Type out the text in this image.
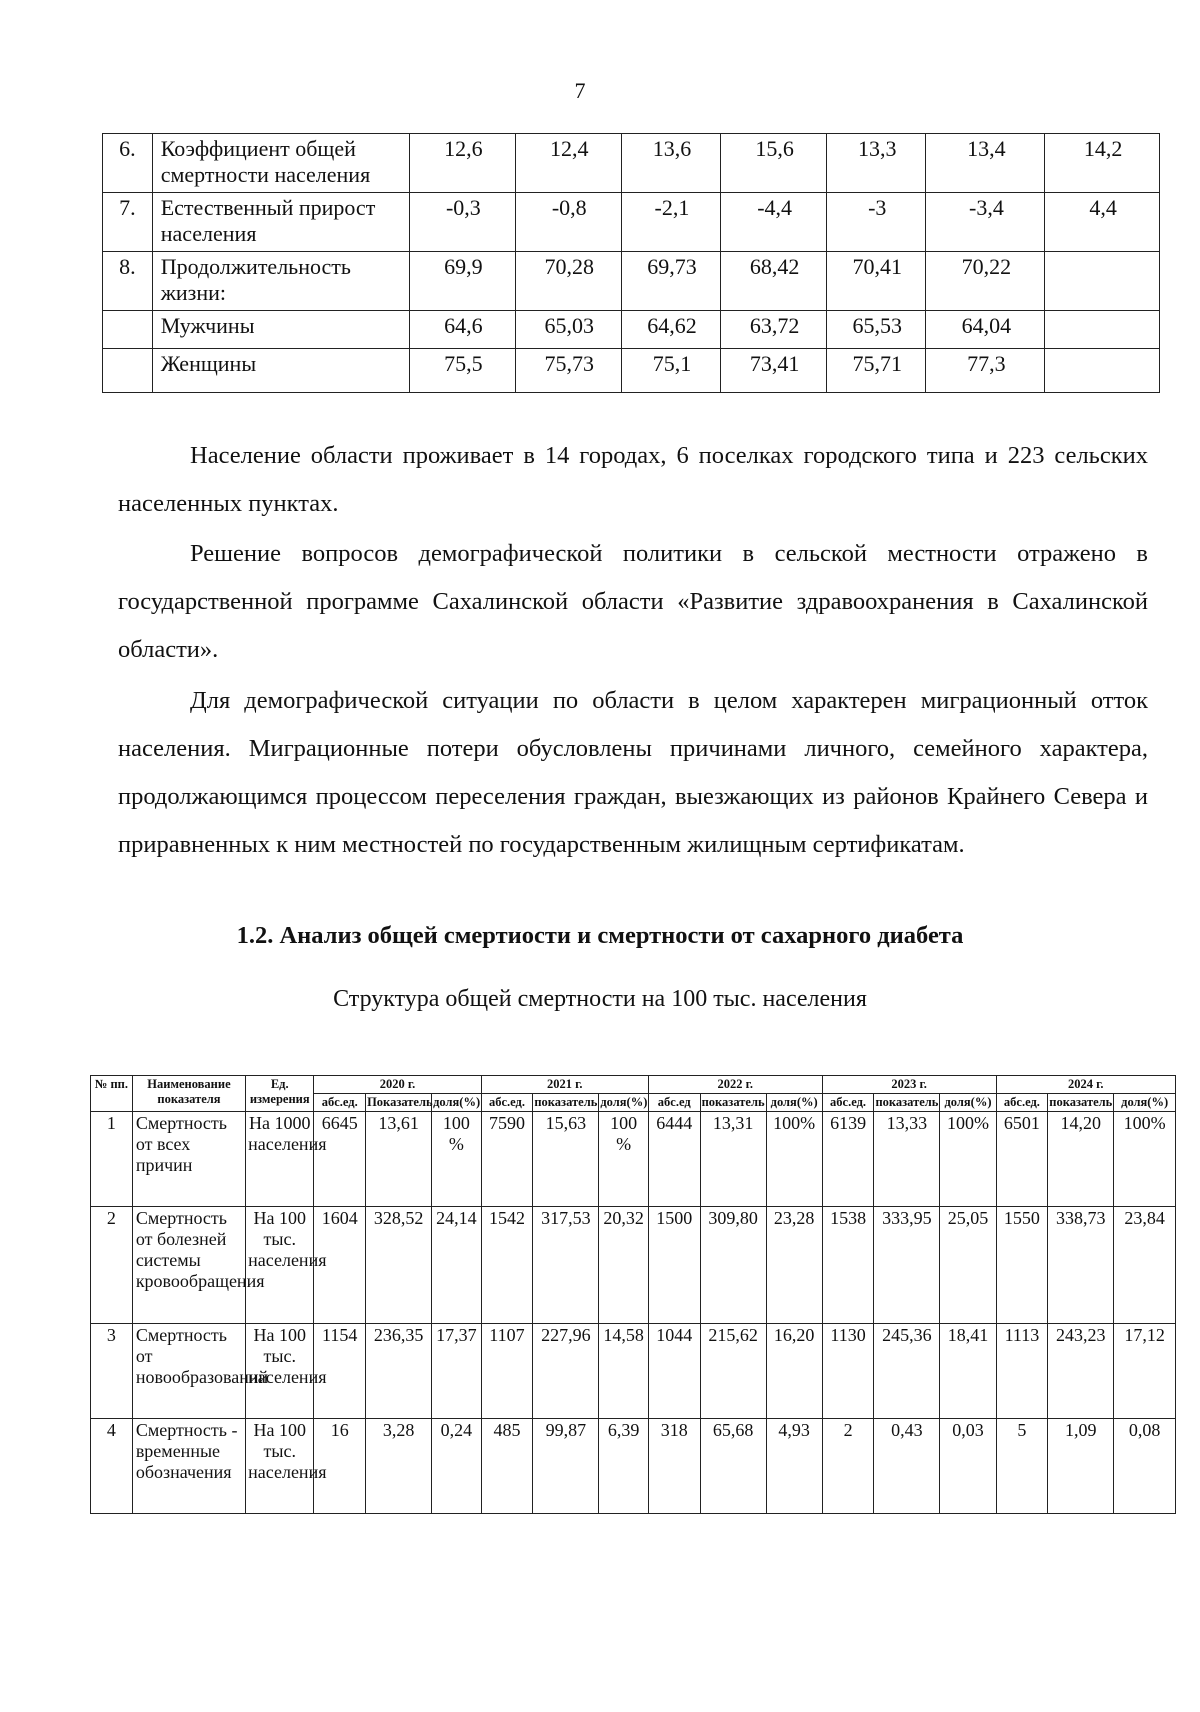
7
6.	Коэффициент общей смертности населения	12,6	12,4	13,6	15,6	13,3	13,4	14,2
7.	Естественный прирост населения	-0,3	-0,8	-2,1	-4,4	-3	-3,4	4,4
8.	Продолжительность жизни:	69,9	70,28	69,73	68,42	70,41	70,22	
	Мужчины	64,6	65,03	64,62	63,72	65,53	64,04	
	Женщины	75,5	75,73	75,1	73,41	75,71	77,3	

Население области проживает в 14 городах, 6 поселках городского типа и 223 сельских населенных пунктах.

Решение вопросов демографической политики в сельской местности отражено в государственной программе Сахалинской области «Развитие здравоохранения в Сахалинской области».

Для демографической ситуации по области в целом характерен миграционный отток населения. Миграционные потери обусловлены причинами личного, семейного характера, продолжающимся процессом переселения граждан, выезжающих из районов Крайнего Севера и приравненных к ним местностей по государственным жилищным сертификатам.

1.2. Анализ общей смертиости и смертности от сахарного диабета

Структура общей смертности на 100 тыс. населения

№ пп.	Наименование показателя	Ед. измерения	2020 г.			2021 г.			2022 г.			2023 г.			2024 г.		
			абс.ед.	Показатель	доля(%)	абс.ед.	показатель	доля(%)	абс.ед	показатель	доля(%)	абс.ед.	показатель	доля(%)	абс.ед.	показатель	доля(%)
1	Смертность от всех причин	На 1000 населения	6645	13,61	100 %	7590	15,63	100 %	6444	13,31	100%	6139	13,33	100%	6501	14,20	100%
2	Смертность от болезней системы кровообращения	На 100 тыс. населения	1604	328,52	24,14	1542	317,53	20,32	1500	309,80	23,28	1538	333,95	25,05	1550	338,73	23,84
3	Смертность от новообразований	На 100 тыс. населения	1154	236,35	17,37	1107	227,96	14,58	1044	215,62	16,20	1130	245,36	18,41	1113	243,23	17,12
4	Смертность - временные обозначения	На 100 тыс. населения	16	3,28	0,24	485	99,87	6,39	318	65,68	4,93	2	0,43	0,03	5	1,09	0,08
